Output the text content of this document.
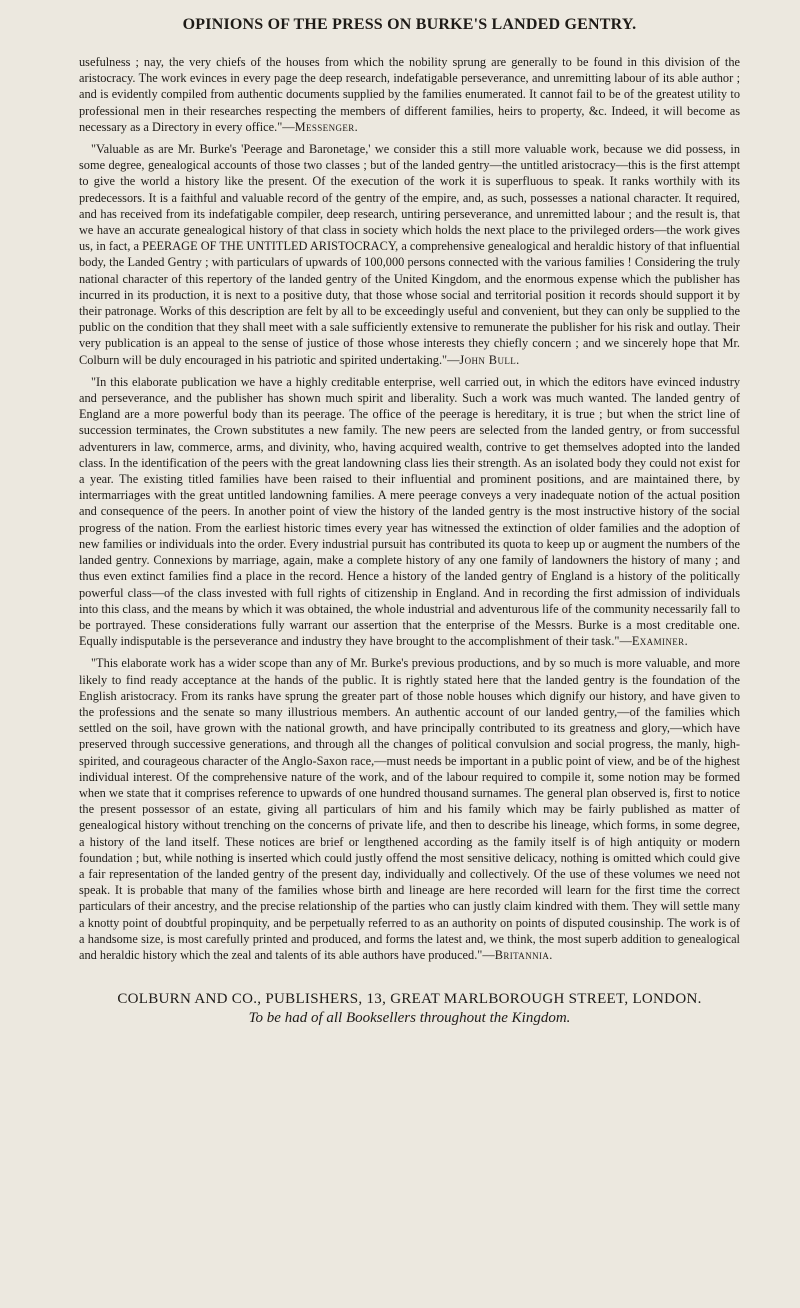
OPINIONS OF THE PRESS ON BURKE'S LANDED GENTRY.

usefulness ; nay, the very chiefs of the houses from which the nobility sprung are generally to be found in this division of the aristocracy. The work evinces in every page the deep research, indefatigable perseverance, and unremitting labour of its able author ; and is evidently compiled from authentic documents supplied by the families enumerated. It cannot fail to be of the greatest utility to professional men in their researches respecting the members of different families, heirs to property, &c. Indeed, it will become as necessary as a Directory in every office."—Messenger.

"Valuable as are Mr. Burke's 'Peerage and Baronetage,' we consider this a still more valuable work, because we did possess, in some degree, genealogical accounts of those two classes ; but of the landed gentry—the untitled aristocracy—this is the first attempt to give the world a history like the present. Of the execution of the work it is superfluous to speak. It ranks worthily with its predecessors. It is a faithful and valuable record of the gentry of the empire, and, as such, possesses a national character. It required, and has received from its indefatigable compiler, deep research, untiring perseverance, and unremitted labour ; and the result is, that we have an accurate genealogical history of that class in society which holds the next place to the privileged orders—the work gives us, in fact, a PEERAGE OF THE UNTITLED ARISTOCRACY, a comprehensive genealogical and heraldic history of that influential body, the Landed Gentry ; with particulars of upwards of 100,000 persons connected with the various families ! Considering the truly national character of this repertory of the landed gentry of the United Kingdom, and the enormous expense which the publisher has incurred in its production, it is next to a positive duty, that those whose social and territorial position it records should support it by their patronage. Works of this description are felt by all to be exceedingly useful and convenient, but they can only be supplied to the public on the condition that they shall meet with a sale sufficiently extensive to remunerate the publisher for his risk and outlay. Their very publication is an appeal to the sense of justice of those whose interests they chiefly concern ; and we sincerely hope that Mr. Colburn will be duly encouraged in his patriotic and spirited undertaking."—John Bull.

"In this elaborate publication we have a highly creditable enterprise, well carried out, in which the editors have evinced industry and perseverance, and the publisher has shown much spirit and liberality. Such a work was much wanted. The landed gentry of England are a more powerful body than its peerage. The office of the peerage is hereditary, it is true ; but when the strict line of succession terminates, the Crown substitutes a new family. The new peers are selected from the landed gentry, or from successful adventurers in law, commerce, arms, and divinity, who, having acquired wealth, contrive to get themselves adopted into the landed class. In the identification of the peers with the great landowning class lies their strength. As an isolated body they could not exist for a year. The existing titled families have been raised to their influential and prominent positions, and are maintained there, by intermarriages with the great untitled landowning families. A mere peerage conveys a very inadequate notion of the actual position and consequence of the peers. In another point of view the history of the landed gentry is the most instructive history of the social progress of the nation. From the earliest historic times every year has witnessed the extinction of older families and the adoption of new families or individuals into the order. Every industrial pursuit has contributed its quota to keep up or augment the numbers of the landed gentry. Connexions by marriage, again, make a complete history of any one family of landowners the history of many ; and thus even extinct families find a place in the record. Hence a history of the landed gentry of England is a history of the politically powerful class—of the class invested with full rights of citizenship in England. And in recording the first admission of individuals into this class, and the means by which it was obtained, the whole industrial and adventurous life of the community necessarily fall to be portrayed. These considerations fully warrant our assertion that the enterprise of the Messrs. Burke is a most creditable one. Equally indisputable is the perseverance and industry they have brought to the accomplishment of their task."—Examiner.

"This elaborate work has a wider scope than any of Mr. Burke's previous productions, and by so much is more valuable, and more likely to find ready acceptance at the hands of the public. It is rightly stated here that the landed gentry is the foundation of the English aristocracy. From its ranks have sprung the greater part of those noble houses which dignify our history, and have given to the professions and the senate so many illustrious members. An authentic account of our landed gentry,—of the families which settled on the soil, have grown with the national growth, and have principally contributed to its greatness and glory,—which have preserved through successive generations, and through all the changes of political convulsion and social progress, the manly, high-spirited, and courageous character of the Anglo-Saxon race,—must needs be important in a public point of view, and be of the highest individual interest. Of the comprehensive nature of the work, and of the labour required to compile it, some notion may be formed when we state that it comprises reference to upwards of one hundred thousand surnames. The general plan observed is, first to notice the present possessor of an estate, giving all particulars of him and his family which may be fairly published as matter of genealogical history without trenching on the concerns of private life, and then to describe his lineage, which forms, in some degree, a history of the land itself. These notices are brief or lengthened according as the family itself is of high antiquity or modern foundation ; but, while nothing is inserted which could justly offend the most sensitive delicacy, nothing is omitted which could give a fair representation of the landed gentry of the present day, individually and collectively. Of the use of these volumes we need not speak. It is probable that many of the families whose birth and lineage are here recorded will learn for the first time the correct particulars of their ancestry, and the precise relationship of the parties who can justly claim kindred with them. They will settle many a knotty point of doubtful propinquity, and be perpetually referred to as an authority on points of disputed cousinship. The work is of a handsome size, is most carefully printed and produced, and forms the latest and, we think, the most superb addition to genealogical and heraldic history which the zeal and talents of its able authors have produced."—Britannia.

COLBURN AND CO., PUBLISHERS, 13, GREAT MARLBOROUGH STREET, LONDON.

To be had of all Booksellers throughout the Kingdom.
